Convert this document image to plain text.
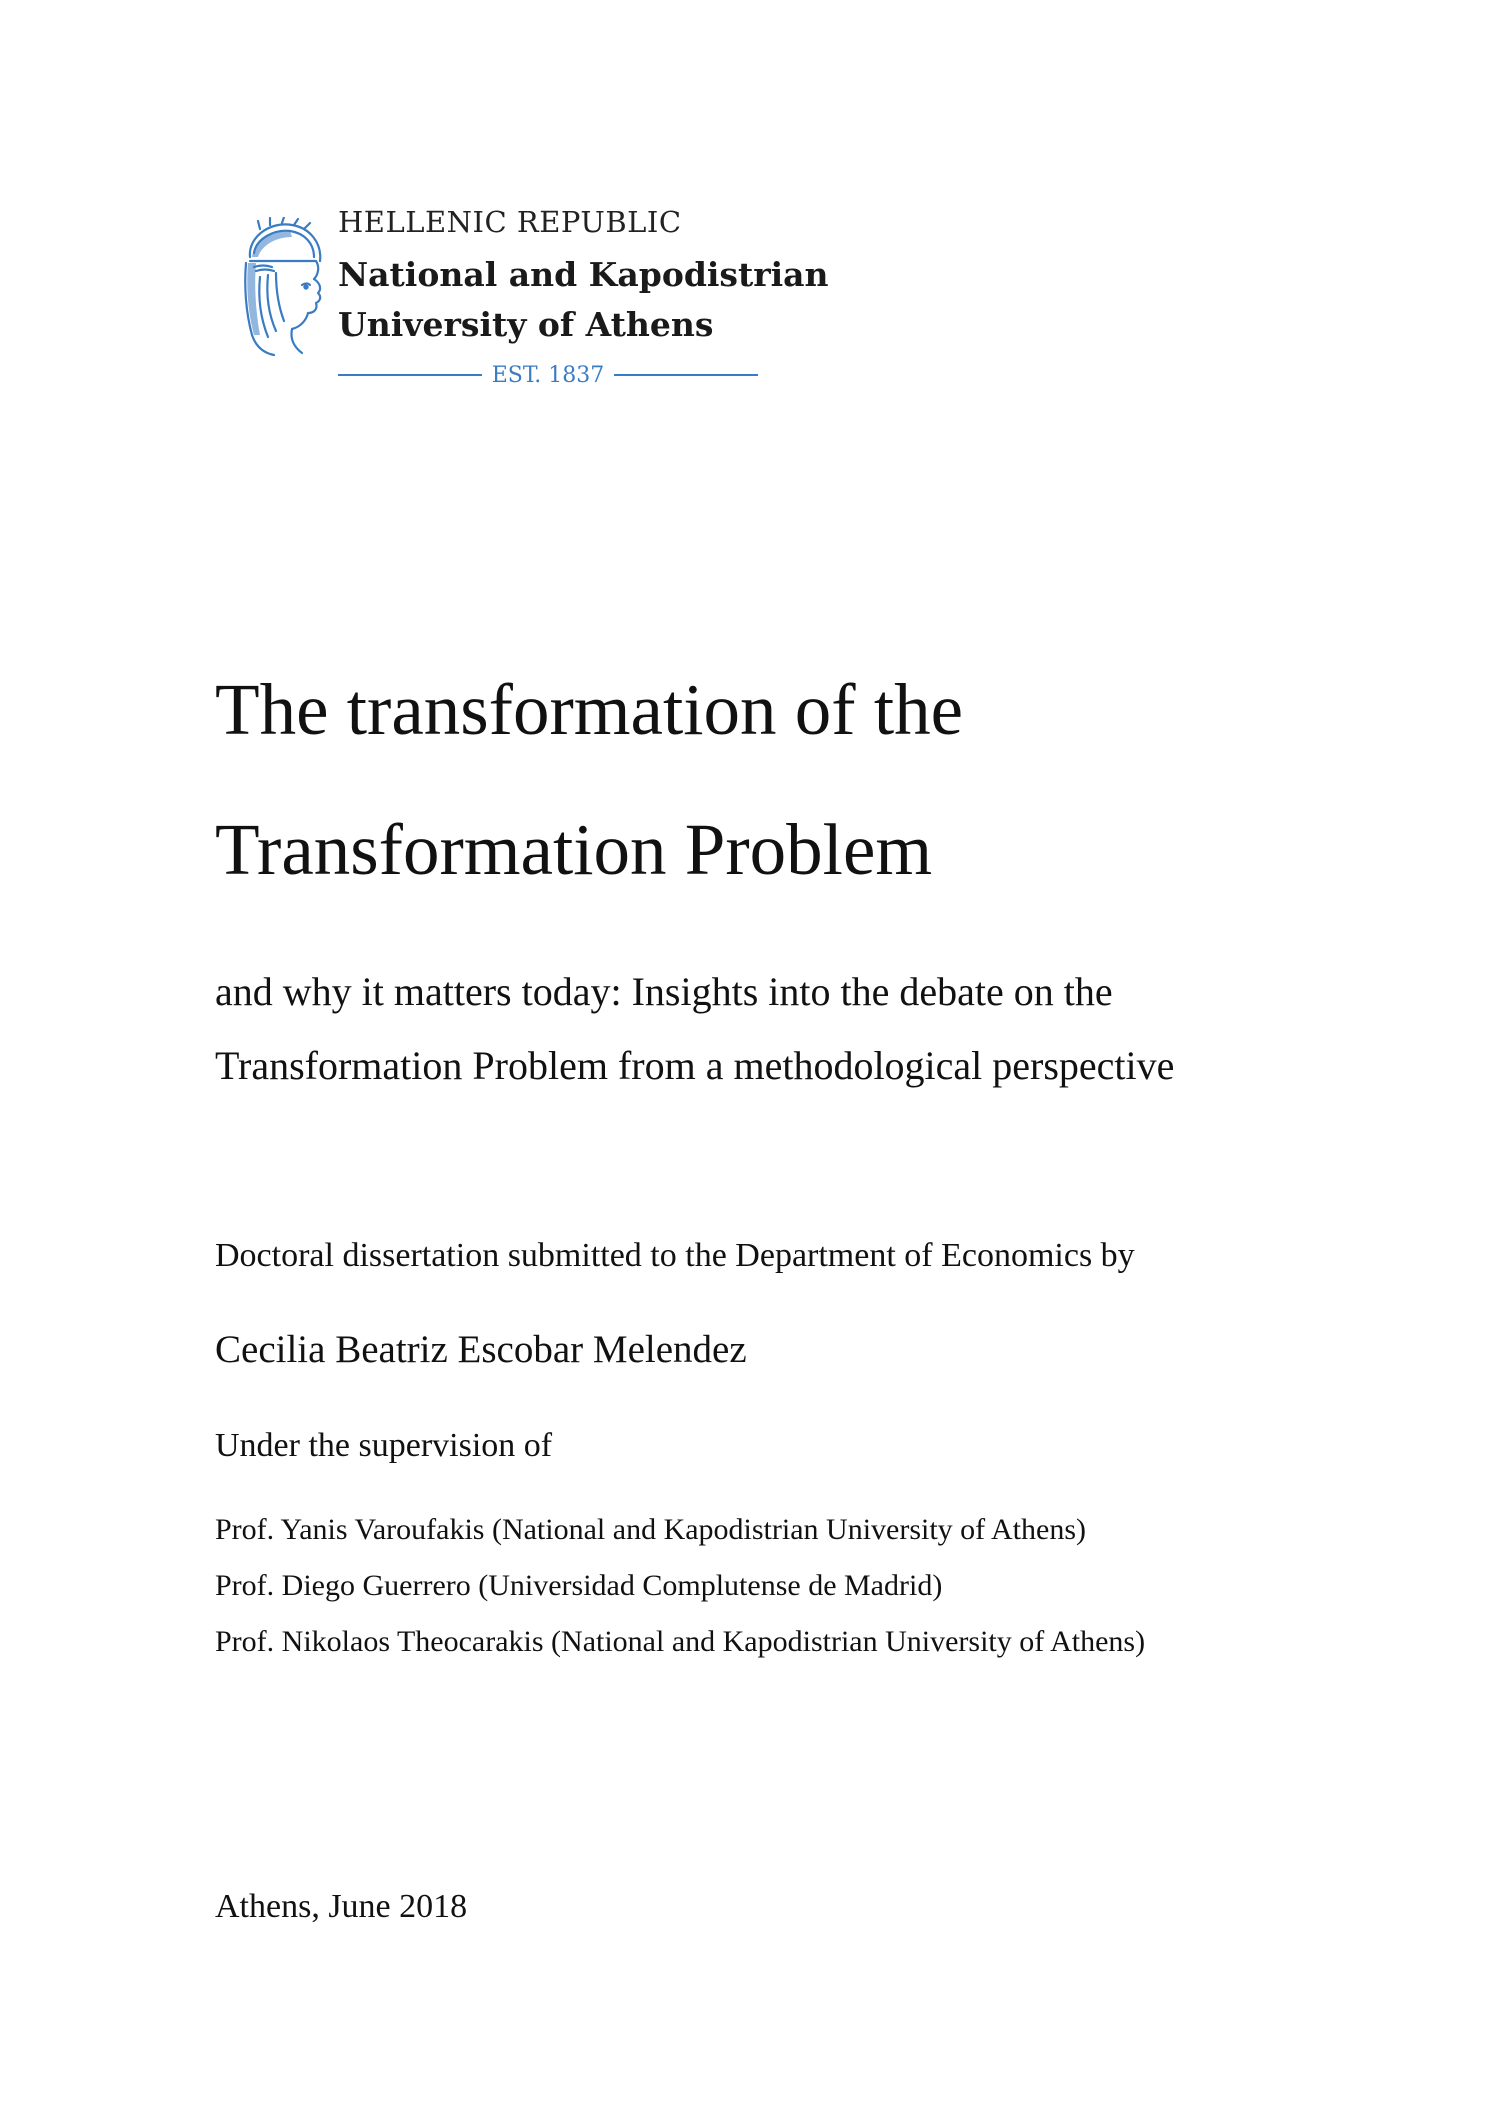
HELLENIC REPUBLIC
National and Kapodistrian
University of Athens
EST. 1837
The transformation of the
Transformation Problem
and why it matters today: Insights into the debate on the
Transformation Problem from a methodological perspective
Doctoral dissertation submitted to the Department of Economics by
Cecilia Beatriz Escobar Melendez
Under the supervision of
Prof. Yanis Varoufakis (National and Kapodistrian University of Athens)
Prof. Diego Guerrero (Universidad Complutense de Madrid)
Prof. Nikolaos Theocarakis (National and Kapodistrian University of Athens)
Athens, June 2018
